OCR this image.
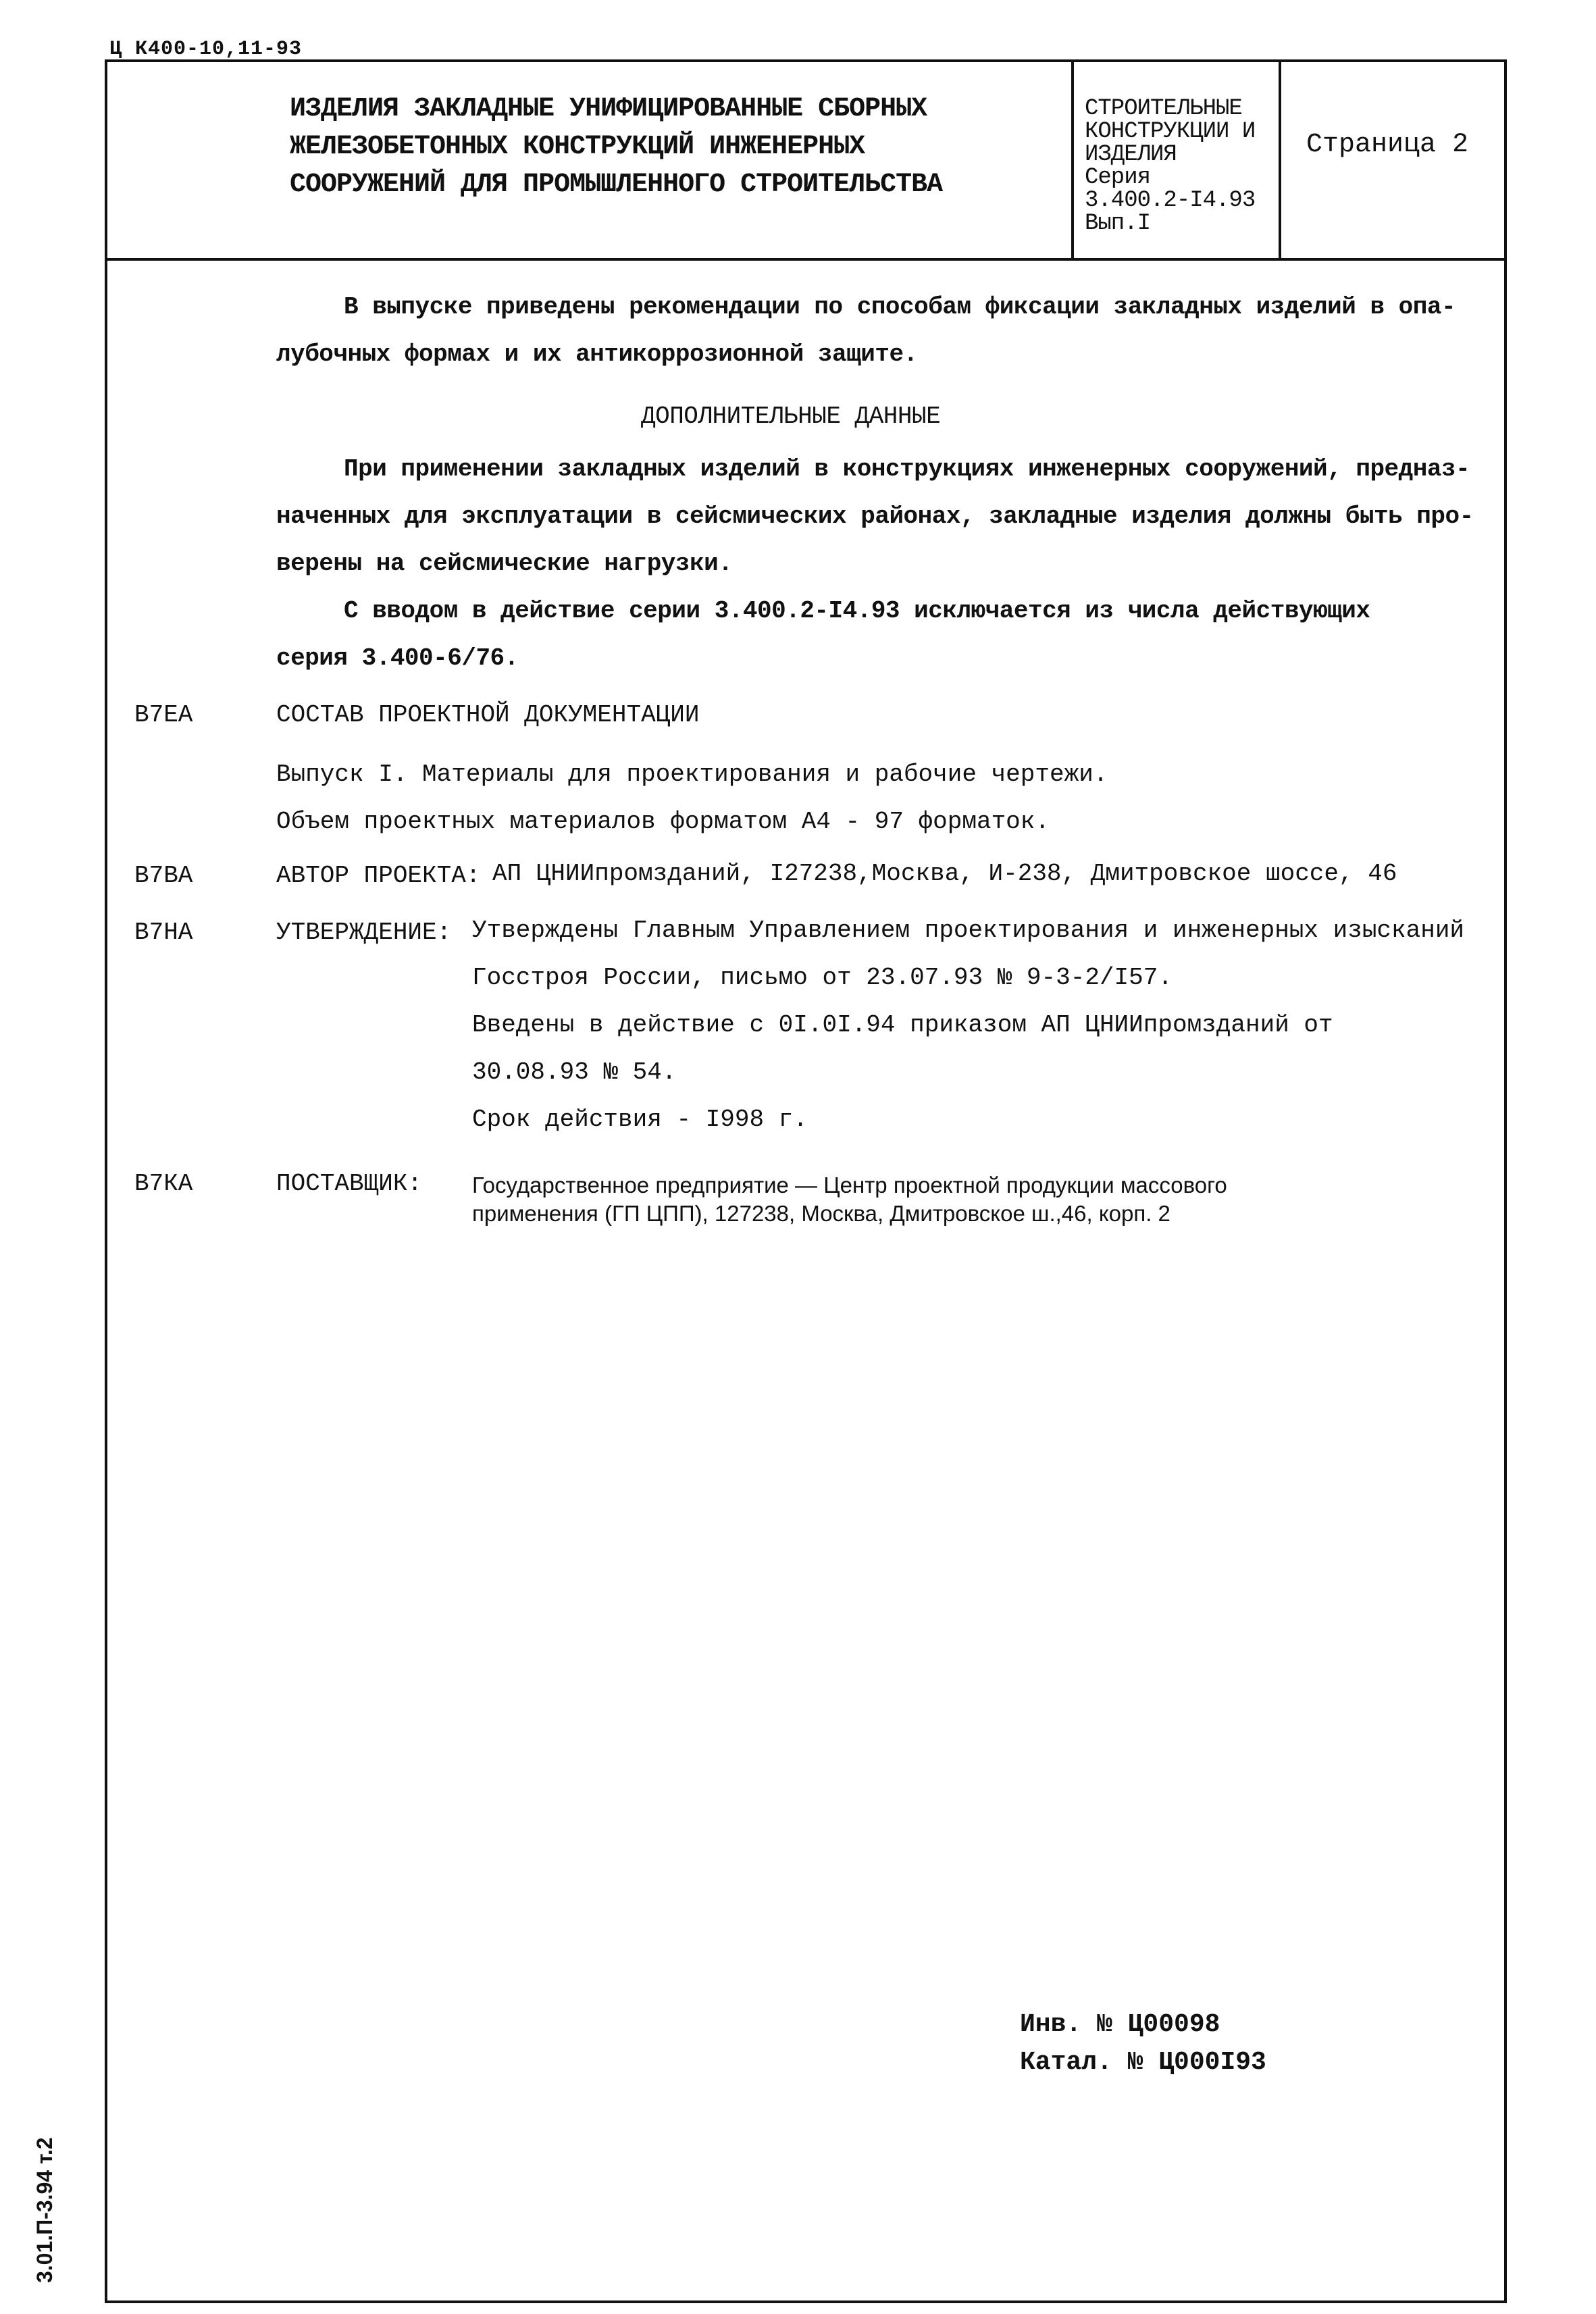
Ц К400-10,11-93
ИЗДЕЛИЯ ЗАКЛАДНЫЕ УНИФИЦИРОВАННЫЕ СБОРНЫХ
ЖЕЛЕЗОБЕТОННЫХ КОНСТРУКЦИЙ ИНЖЕНЕРНЫХ
СООРУЖЕНИЙ ДЛЯ ПРОМЫШЛЕННОГО СТРОИТЕЛЬСТВА
СТРОИТЕЛЬНЫЕ
КОНСТРУКЦИИ И
ИЗДЕЛИЯ
Серия
3.400.2-I4.93
Вып.I
Страница 2
В выпуске приведены рекомендации по способам фиксации закладных изделий в опа-
лубочных формах и их антикоррозионной защите.
ДОПОЛНИТЕЛЬНЫЕ ДАННЫЕ
При применении закладных изделий в конструкциях инженерных сооружений, предназ-
наченных для эксплуатации в сейсмических районах, закладные изделия должны быть про-
верены на сейсмические нагрузки.
С вводом в действие серии 3.400.2-I4.93 исключается из числа действующих
серия 3.400-6/76.
В7ЕА	СОСТАВ ПРОЕКТНОЙ ДОКУМЕНТАЦИИ
Выпуск I. Материалы для проектирования и рабочие чертежи.
Объем проектных материалов форматом А4 - 97 форматок.
В7ВА	АВТОР ПРОЕКТА: АП ЦНИИпромзданий, I27238,Москва, И-238, Дмитровское шоссе, 46
В7НА	УТВЕРЖДЕНИЕ: Утверждены Главным Управлением проектирования и инженерных изысканий
Госстроя России, письмо от 23.07.93 № 9-3-2/I57.
Введены в действие с 0I.0I.94 приказом АП ЦНИИпромзданий от
30.08.93 № 54.
Срок действия - I998 г.
В7КА	ПОСТАВЩИК: Государственное предприятие — Центр проектной продукции массового
применения (ГП ЦПП), 127238, Москва, Дмитровское ш.,46, корп. 2
Инв. № Ц00098
Катал. № Ц000I93
3.01.П-3.94 т.2
